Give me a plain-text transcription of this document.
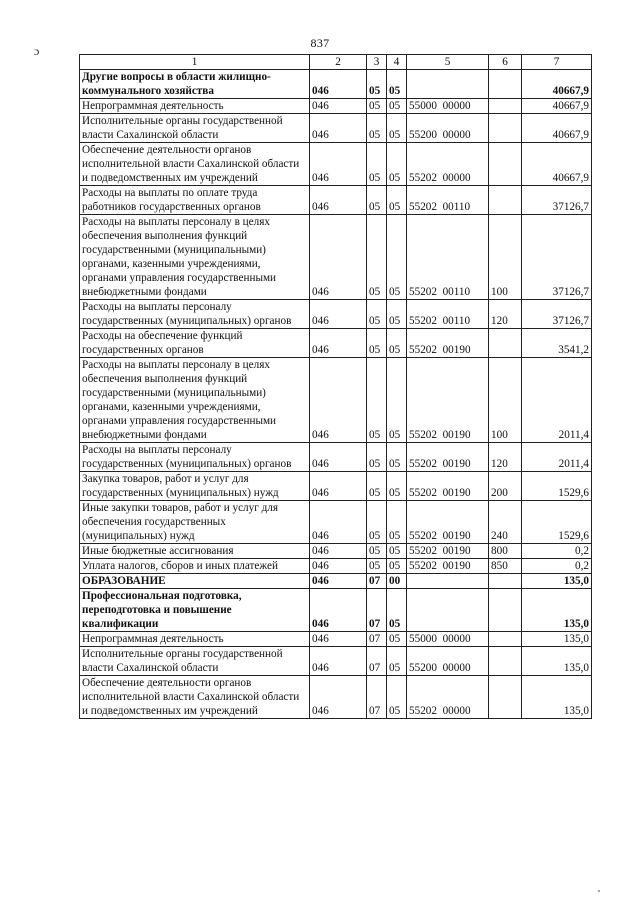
837
ɔ
1	2	3	4	5	6	7
Другие вопросы в области жилищно-коммунального хозяйства	046	05	05			40667,9
Непрограммная деятельность	046	05	05	55000  00000		40667,9
Исполнительные органы государственной власти Сахалинской области	046	05	05	55200  00000		40667,9
Обеспечение деятельности органов исполнительной власти Сахалинской области и подведомственных им учреждений	046	05	05	55202  00000		40667,9
Расходы на выплаты по оплате труда работников государственных органов	046	05	05	55202  00110		37126,7
Расходы на выплаты персоналу в целях обеспечения выполнения функций государственными (муниципальными) органами, казенными учреждениями, органами управления государственными внебюджетными фондами	046	05	05	55202  00110	100	37126,7
Расходы на выплаты персоналу государственных (муниципальных) органов	046	05	05	55202  00110	120	37126,7
Расходы на обеспечение функций государственных органов	046	05	05	55202  00190		3541,2
Расходы на выплаты персоналу в целях обеспечения выполнения функций государственными (муниципальными) органами, казенными учреждениями, органами управления государственными внебюджетными фондами	046	05	05	55202  00190	100	2011,4
Расходы на выплаты персоналу государственных (муниципальных) органов	046	05	05	55202  00190	120	2011,4
Закупка товаров, работ и услуг для государственных (муниципальных) нужд	046	05	05	55202  00190	200	1529,6
Иные закупки товаров, работ и услуг для обеспечения государственных (муниципальных) нужд	046	05	05	55202  00190	240	1529,6
Иные бюджетные ассигнования	046	05	05	55202  00190	800	0,2
Уплата налогов, сборов и иных платежей	046	05	05	55202  00190	850	0,2
ОБРАЗОВАНИЕ	046	07	00			135,0
Профессиональная подготовка, переподготовка и повышение квалификации	046	07	05			135,0
Непрограммная деятельность	046	07	05	55000  00000		135,0
Исполнительные органы государственной власти Сахалинской области	046	07	05	55200  00000		135,0
Обеспечение деятельности органов исполнительной власти Сахалинской области и подведомственных им учреждений	046	07	05	55202  00000		135,0
